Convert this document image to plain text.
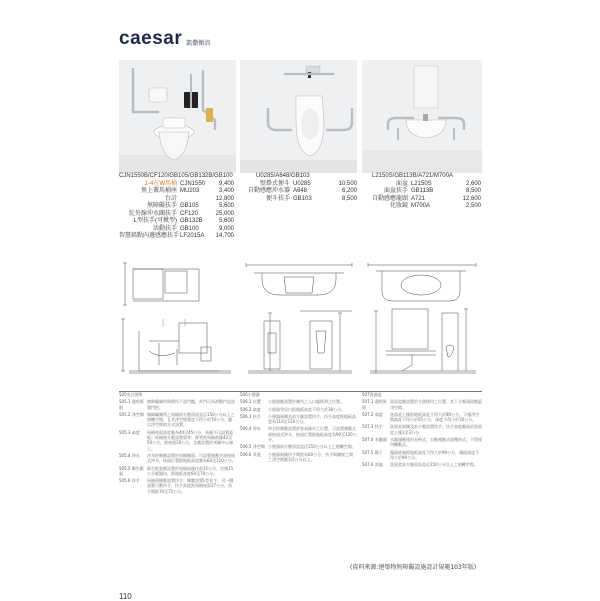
caesar 凱撒衛浴
CJN1550B/CF120/GB105/GB132B/GB100
1-4在W馬桶 CJN1550	9,400
無上蓋馬桶座 MU203	3,400
台計	12,800
無障礙扶手 GB105	5,600
紅外線沖水閥扶手 CF120	25,000
L型扶手(可掀型) GB132B	5,600
活動扶手 GB100	9,000
智慧扁點內邊感應扶手 LF2015A	14,700
U0285/A648/GB103
壁掛式便斗 U0285	10,500
自動感應沖水器 A648	6,200
便斗扶手 GB103	8,500
L2150S/GB113B/A721/M700A
面盆 L2150S	2,600
面盆扶手 GB113B	8,500
自動感應龍頭 A721	12,600
化妝鏡 M700A	2,500
505坐式便所
505.1 通用原則
無障礙廁所與便所不設門檻，外門可為滑動門並設置門把。
505.2 淨空間 無障礙廁所之馬桶前方應留設直徑150公分以上之迴轉空間，且其淨空間寬度不得小於70公分，應以淨空間的方式設置。
505.3 高度	馬桶座面高度應為40至45公分，馬桶不可設置蓋板；馬桶後方應設置靠背；靠背距馬桶前緣42至50公分，距座面20公分，且應設置於馬桶中心線上。
505.4 沖水	沖水控制應設置於馬桶側面，可設置感應式或按鈕式沖水，按鈕位置距地板高度應為60至110公分。
505.5 衛生紙架
衛生紙架應設置於馬桶前緣往前15公分、往後15公分範圍內，距地板高度60至70公分。
505.6 扶手	馬桶兩側應設置扶手；側牆設置L型扶手，另一側設置可動扶手，扶手高度距馬桶座面27公分，扶手間距70至75公分。
506小便器
506.1 位置	小便器應設置於廁所之入口處便利之位置。
506.2 高度	小便器受尿口距地板高度不得大於38公分。
506.3 扶手	小便器兩側及前方應設置扶手，扶手高度距地板高度為110至120公分。
506.4 沖水	沖水控制應設置於容易操作之位置，可設置感應式或按鈕式沖水，按鈕位置距地板高度為90至120公分。
506.5 淨空間 小便器前方應留設直徑150公分以上之迴轉空間。
506.6 其他	小便器兩側扶手間距為60公分，扶手與牆壁之間之淨空間應為5公分以上。
507洗面盆
507.1 通用原則
洗面盆應設置於方便使用之位置，其下方應預留膝蓋淨空間。
507.2 高度	洗面盆上緣距地板高度不得大於80公分，下緣淨空間高度不得小於65公分，深度不得小於30公分。
507.3 扶手	洗面盆兩側及前方應設置扶手，扶手高度應高於洗面盆上緣1至3公分。
507.4 水龍頭 水龍頭應使用長柄式、自動感應式或壓按式，不得使用轉動式。
507.5 鏡子	鏡面底端距地板高度不得大於90公分，鏡面高度不得小於90公分。
507.6 其他	洗面盆前方應留設直徑150公分以上之迴轉空間。
(資料來源:建築物無障礙設施設計規範103年版)
110
